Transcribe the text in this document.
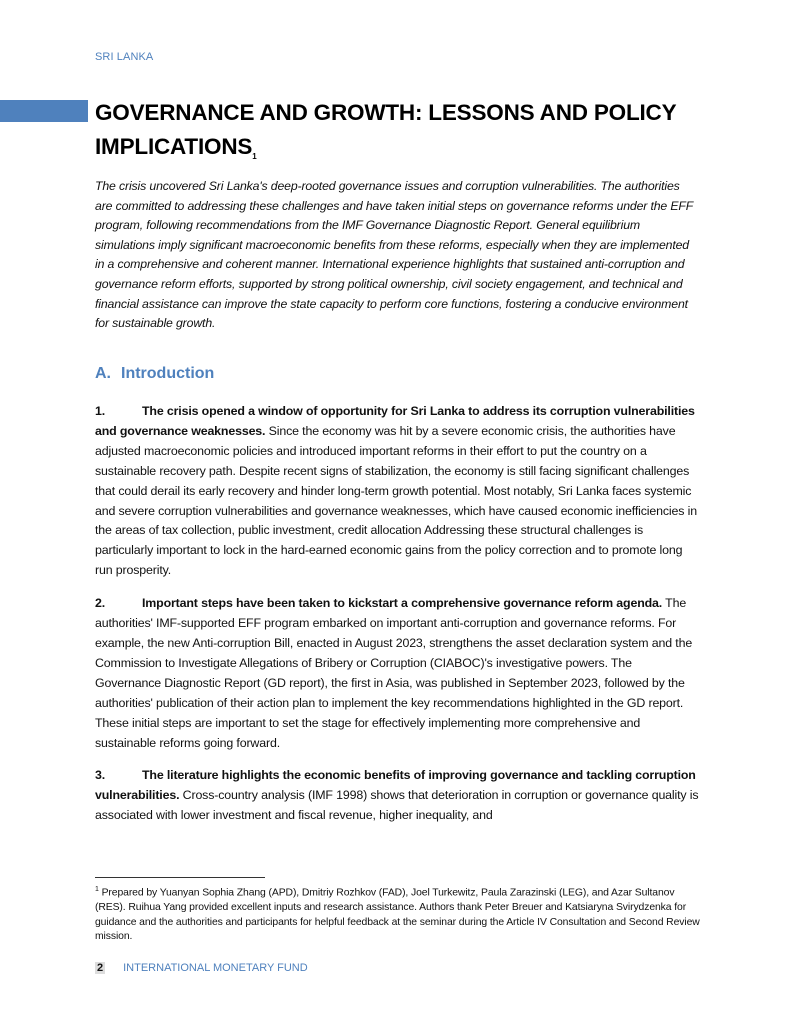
SRI LANKA
GOVERNANCE AND GROWTH: LESSONS AND POLICY IMPLICATIONS$^1$
The crisis uncovered Sri Lanka's deep-rooted governance issues and corruption vulnerabilities. The authorities are committed to addressing these challenges and have taken initial steps on governance reforms under the EFF program, following recommendations from the IMF Governance Diagnostic Report. General equilibrium simulations imply significant macroeconomic benefits from these reforms, especially when they are implemented in a comprehensive and coherent manner. International experience highlights that sustained anti-corruption and governance reform efforts, supported by strong political ownership, civil society engagement, and technical and financial assistance can improve the state capacity to perform core functions, fostering a conducive environment for sustainable growth.
A. Introduction

1.	The crisis opened a window of opportunity for Sri Lanka to address its corruption vulnerabilities and governance weaknesses. Since the economy was hit by a severe economic crisis, the authorities have adjusted macroeconomic policies and introduced important reforms in their effort to put the country on a sustainable recovery path. Despite recent signs of stabilization, the economy is still facing significant challenges that could derail its early recovery and hinder long-term growth potential. Most notably, Sri Lanka faces systemic and severe corruption vulnerabilities and governance weaknesses, which have caused economic inefficiencies in the areas of tax collection, public investment, credit allocation Addressing these structural challenges is particularly important to lock in the hard-earned economic gains from the policy correction and to promote long run prosperity.

2.	Important steps have been taken to kickstart a comprehensive governance reform agenda. The authorities' IMF-supported EFF program embarked on important anti-corruption and governance reforms. For example, the new Anti-corruption Bill, enacted in August 2023, strengthens the asset declaration system and the Commission to Investigate Allegations of Bribery or Corruption (CIABOC)'s investigative powers. The Governance Diagnostic Report (GD report), the first in Asia, was published in September 2023, followed by the authorities' publication of their action plan to implement the key recommendations highlighted in the GD report. These initial steps are important to set the stage for effectively implementing more comprehensive and sustainable reforms going forward.

3.	The literature highlights the economic benefits of improving governance and tackling corruption vulnerabilities. Cross-country analysis (IMF 1998) shows that deterioration in corruption or governance quality is associated with lower investment and fiscal revenue, higher inequality, and

$^1$ Prepared by Yuanyan Sophia Zhang (APD), Dmitriy Rozhkov (FAD), Joel Turkewitz, Paula Zarazinski (LEG), and Azar Sultanov (RES). Ruihua Yang provided excellent inputs and research assistance. Authors thank Peter Breuer and Katsiaryna Svirydzenka for guidance and the authorities and participants for helpful feedback at the seminar during the Article IV Consultation and Second Review mission.
2 INTERNATIONAL MONETARY FUND
